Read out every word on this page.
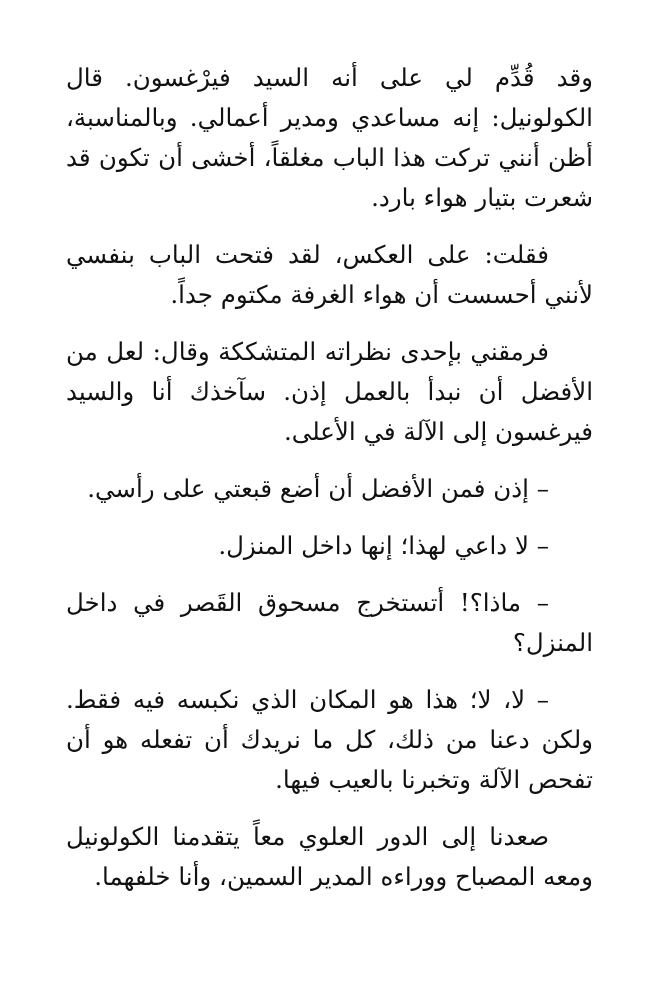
وقد قُدِّم لي على أنه السيد فيرْغسون. قال الكولونيل: إنه مساعدي ومدير أعمالي. وبالمناسبة، أظن أنني تركت هذا الباب مغلقاً، أخشى أن تكون قد شعرت بتيار هواء بارد.

فقلت: على العكس، لقد فتحت الباب بنفسي لأنني أحسست أن هواء الغرفة مكتوم جداً.

فرمقني بإحدى نظراته المتشككة وقال: لعل من الأفضل أن نبدأ بالعمل إذن. سآخذك أنا والسيد فيرغسون إلى الآلة في الأعلى.

– إذن فمن الأفضل أن أضع قبعتي على رأسي.

– لا داعي لهذا؛ إنها داخل المنزل.

– ماذا؟! أتستخرج مسحوق القَصر في داخل المنزل؟

– لا، لا؛ هذا هو المكان الذي نكبسه فيه فقط. ولكن دعنا من ذلك، كل ما نريدك أن تفعله هو أن تفحص الآلة وتخبرنا بالعيب فيها.

صعدنا إلى الدور العلوي معاً يتقدمنا الكولونيل ومعه المصباح ووراءه المدير السمين، وأنا خلفهما.
